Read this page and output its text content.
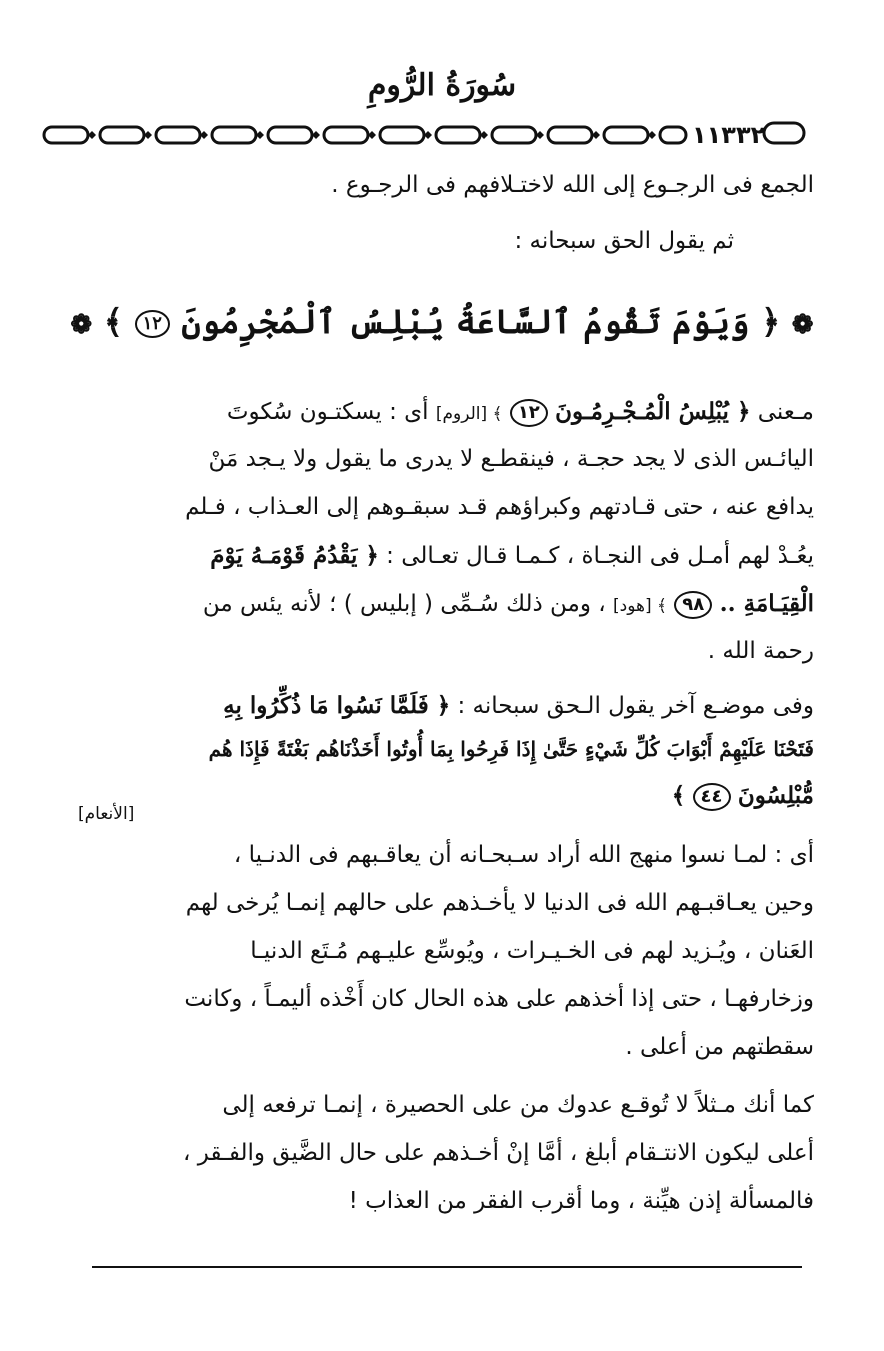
سُورَةُ الرُّومِ
١١٣٣٢
الجمع فى الرجـوع إلى الله لاختـلافهم فى الرجـوع .
ثم يقول الحق سبحانه :
❁ ﴿ وَيَوْمَ تَقُومُ ٱلسَّاعَةُ يُبْلِسُ ٱلْمُجْرِمُونَ ١٢ ﴾ ❁
مـعنى ﴿ يُبْلِسُ الْمُـجْـرِمُـونَ ١٢ ﴾ [الروم] أى : يسكتـون سُكوتَ
اليائـس الذى لا يجد حجـة ، فينقطـع لا يدرى ما يقول ولا يـجد مَنْ
يدافع عنه ، حتى قـادتهم وكبراؤهم قـد سبقـوهم إلى العـذاب ، فـلم
يعُـدْ لهم أمـل فى النجـاة ، كـمـا قـال تعـالى : ﴿ يَقْدُمُ قَوْمَـهُ يَوْمَ
الْقِيَـامَةِ .. ٩٨ ﴾ [هود] ، ومن ذلك سُـمِّى ( إبليس ) ؛ لأنه يئس من
رحمة الله .
وفى موضـع آخر يقول الـحق سبحانه : ﴿ فَلَمَّا نَسُوا مَا ذُكِّرُوا بِهِ
فَتَحْنَا عَلَيْهِمْ أَبْوَابَ كُلِّ شَيْءٍ حَتَّىٰ إِذَا فَرِحُوا بِمَا أُوتُوا أَخَذْنَاهُم بَغْتَةً فَإِذَا هُم
مُّبْلِسُونَ ٤٤ ﴾
[الأنعام]
أى : لمـا نسوا منهج الله أراد سـبحـانه أن يعاقـبهم فى الدنـيا ،
وحين يعـاقبـهم الله فى الدنيا لا يأخـذهم على حالهم إنمـا يُرخى لهم
العَنان ، ويُـزيد لهم فى الخـيـرات ، ويُوسِّع عليـهم مُـتَع الدنيـا
وزخارفهـا ، حتى إذا أخذهم على هذه الحال كان أَخْذه أليمـاً ، وكانت
سقطتهم من أعلى .
كما أنك مـثلاً لا تُوقـع عدوك من على الحصيرة ، إنمـا ترفعه إلى
أعلى ليكون الانتـقام أبلغ ، أمَّا إنْ أخـذهم على حال الضَّيق والفـقر ،
فالمسألة إذن هيِّنة ، وما أقرب الفقر من العذاب !
